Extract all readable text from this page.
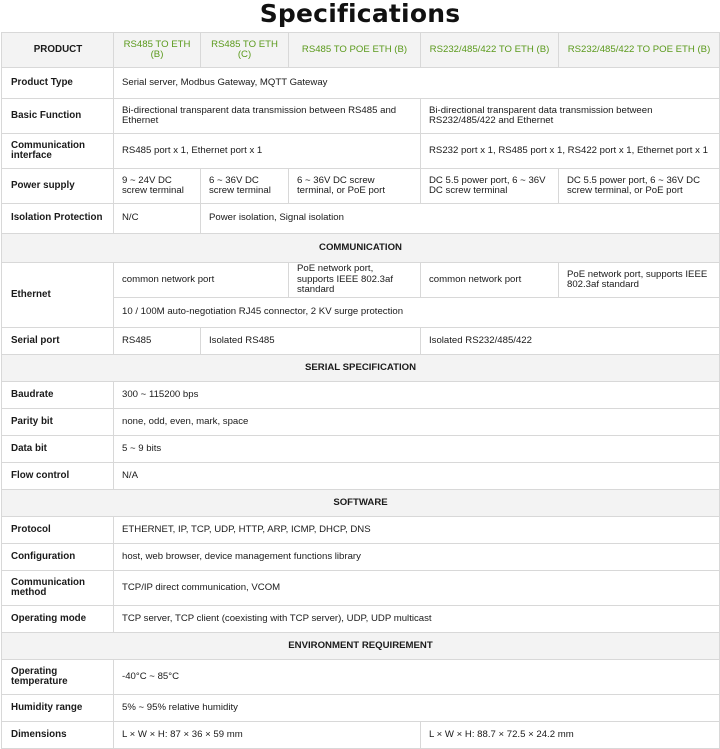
Specifications
PRODUCT	RS485 TO ETH (B)	RS485 TO ETH (C)	RS485 TO POE ETH (B)	RS232/485/422 TO ETH (B)	RS232/485/422 TO POE ETH (B)
Product Type	Serial server, Modbus Gateway, MQTT Gateway				
Basic Function	Bi-directional transparent data transmission between RS485 and Ethernet			Bi-directional transparent data transmission between RS232/485/422 and Ethernet	
Communication interface	RS485 port x 1, Ethernet port x 1			RS232 port x 1, RS485 port x 1, RS422 port x 1, Ethernet port x 1	
Power supply	9 ~ 24V DC screw terminal	6 ~ 36V DC screw terminal	6 ~ 36V DC screw terminal, or PoE port	DC 5.5 power port, 6 ~ 36V DC screw terminal	DC 5.5 power port, 6 ~ 36V DC screw terminal, or PoE port
Isolation Protection	N/C	Power isolation, Signal isolation			
COMMUNICATION					
Ethernet	common network port		PoE network port, supports IEEE 802.3af standard	common network port	PoE network port, supports IEEE 802.3af standard
	10 / 100M auto-negotiation RJ45 connector, 2 KV surge protection				
Serial port	RS485	Isolated RS485		Isolated RS232/485/422	
SERIAL SPECIFICATION					
Baudrate	300 ~ 115200 bps				
Parity bit	none, odd, even, mark, space				
Data bit	5 ~ 9 bits				
Flow control	N/A				
SOFTWARE					
Protocol	ETHERNET, IP, TCP, UDP, HTTP, ARP, ICMP, DHCP, DNS				
Configuration	host, web browser, device management functions library				
Communication method	TCP/IP direct communication, VCOM				
Operating mode	TCP server, TCP client (coexisting with TCP server), UDP, UDP multicast				
ENVIRONMENT REQUIREMENT					
Operating temperature	-40°C ~ 85°C				
Humidity range	5% ~ 95% relative humidity				
Dimensions	L × W × H: 87 × 36 × 59 mm			L × W × H: 88.7 × 72.5 × 24.2 mm	
